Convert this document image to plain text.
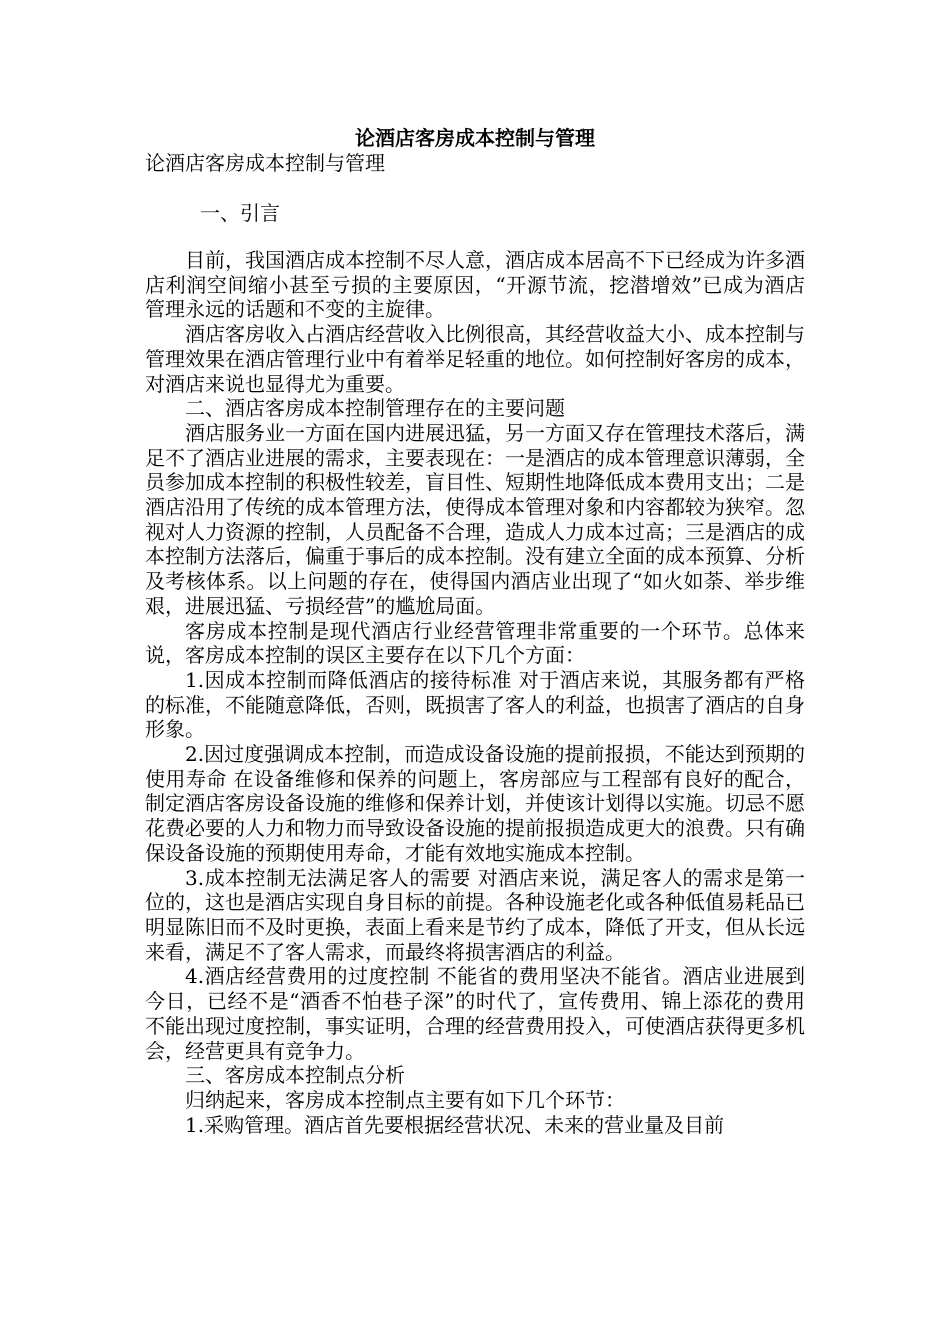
论酒店客房成本控制与管理
论酒店客房成本控制与管理
一、引言

目前，我国酒店成本控制不尽人意，酒店成本居高不下已经成为许多酒店利润空间缩小甚至亏损的主要原因，“开源节流，挖潜增效”已成为酒店管理永远的话题和不变的主旋律。

酒店客房收入占酒店经营收入比例很高，其经营收益大小、成本控制与管理效果在酒店管理行业中有着举足轻重的地位。如何控制好客房的成本，对酒店来说也显得尤为重要。

二、酒店客房成本控制管理存在的主要问题

酒店服务业一方面在国内进展迅猛，另一方面又存在管理技术落后，满足不了酒店业进展的需求，主要表现在：一是酒店的成本管理意识薄弱，全员参加成本控制的积极性较差，盲目性、短期性地降低成本费用支出；二是酒店沿用了传统的成本管理方法，使得成本管理对象和内容都较为狭窄。忽视对人力资源的控制，人员配备不合理，造成人力成本过高；三是酒店的成本控制方法落后，偏重于事后的成本控制。没有建立全面的成本预算、分析及考核体系。以上问题的存在，使得国内酒店业出现了“如火如荼、举步维艰，进展迅猛、亏损经营”的尴尬局面。

客房成本控制是现代酒店行业经营管理非常重要的一个环节。总体来说，客房成本控制的误区主要存在以下几个方面：

1.因成本控制而降低酒店的接待标准 对于酒店来说，其服务都有严格的标准，不能随意降低，否则，既损害了客人的利益，也损害了酒店的自身形象。

2.因过度强调成本控制，而造成设备设施的提前报损，不能达到预期的使用寿命 在设备维修和保养的问题上，客房部应与工程部有良好的配合，制定酒店客房设备设施的维修和保养计划，并使该计划得以实施。切忌不愿花费必要的人力和物力而导致设备设施的提前报损造成更大的浪费。只有确保设备设施的预期使用寿命，才能有效地实施成本控制。

3.成本控制无法满足客人的需要 对酒店来说，满足客人的需求是第一位的，这也是酒店实现自身目标的前提。各种设施老化或各种低值易耗品已明显陈旧而不及时更换，表面上看来是节约了成本，降低了开支，但从长远来看，满足不了客人需求，而最终将损害酒店的利益。

4.酒店经营费用的过度控制 不能省的费用坚决不能省。酒店业进展到今日，已经不是“酒香不怕巷子深”的时代了，宣传费用、锦上添花的费用不能出现过度控制，事实证明，合理的经营费用投入，可使酒店获得更多机会，经营更具有竞争力。

三、客房成本控制点分析

归纳起来，客房成本控制点主要有如下几个环节：

1.采购管理。酒店首先要根据经营状况、未来的营业量及目前
